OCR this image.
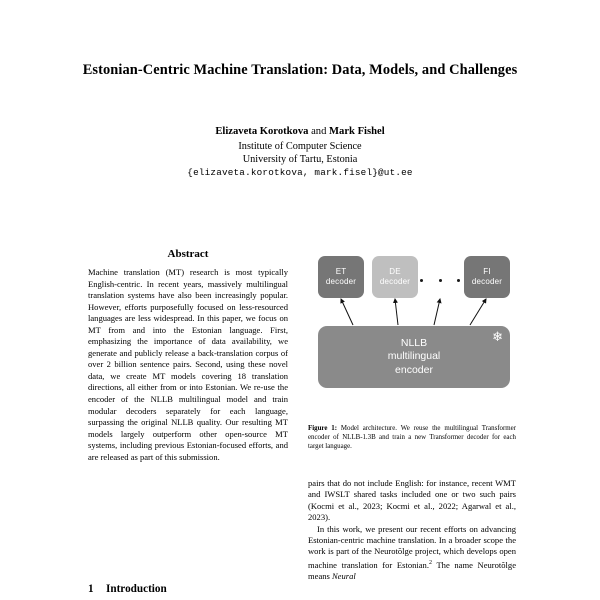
Estonian-Centric Machine Translation: Data, Models, and Challenges
Elizaveta Korotkova and Mark Fishel
Institute of Computer Science
University of Tartu, Estonia
{elizaveta.korotkova, mark.fisel}@ut.ee
Abstract

Machine translation (MT) research is most typically English-centric. In recent years, massively multilingual translation systems have also been increasingly popular. However, efforts purposefully focused on less-resourced languages are less widespread. In this paper, we focus on MT from and into the Estonian language. First, emphasizing the importance of data availability, we generate and publicly release a back-translation corpus of over 2 billion sentence pairs. Second, using these novel data, we create MT models covering 18 translation directions, all either from or into Estonian. We re-use the encoder of the NLLB multilingual model and train modular decoders separately for each language, surpassing the original NLLB quality. Our resulting MT models largely outperform other open-source MT systems, including previous Estonian-focused efforts, and are released as part of this submission.

1 Introduction
ET
decoder
DE
decoder
FI
decoder
NLLB
multilingual
encoder
❄
Figure 1: Model architecture. We reuse the multilingual Transformer encoder of NLLB-1.3B and train a new Transformer decoder for each target language.

pairs that do not include English: for instance, recent WMT and IWSLT shared tasks included one or two such pairs (Kocmi et al., 2023; Kocmi et al., 2022; Agarwal et al., 2023).

In this work, we present our recent efforts on advancing Estonian-centric machine translation. In a broader scope the work is part of the Neurotõlge project, which develops open machine translation for Estonian.$^2$ The name Neurotõlge means Neural
